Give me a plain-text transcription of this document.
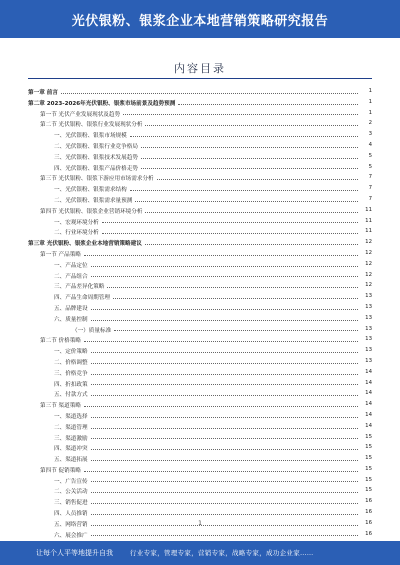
光伏银粉、银浆企业本地营销策略研究报告
内容目录
第一章 前言	1
第二章 2023-2026年光伏银粉、银浆市场前景及趋势预测	1
第一节 光伏产业发展现状及趋势	1
第二节 光伏银粉、银浆行业发展现状分析	2
一、光伏银粉、银浆市场规模	3
二、光伏银粉、银浆行业竞争格局	4
三、光伏银粉、银浆技术发展趋势	5
四、光伏银粉、银浆产品价格走势	5
第三节 光伏银粉、银浆下游应用市场需求分析	7
一、光伏银粉、银浆需求结构	7
二、光伏银粉、银浆需求量预测	7
第四节 光伏银粉、银浆企业营销环境分析	11
一、宏观环境分析	11
二、行业环境分析	11
第三章 光伏银粉、银浆企业本地营销策略建议	12
第一节 产品策略	12
一、产品定位	12
二、产品组合	12
三、产品差异化策略	12
四、产品生命周期管理	13
五、品牌建设	13
六、质量控制	13
（一）质量标准	13
第二节 价格策略	13
一、定价策略	13
二、价格调整	13
三、价格竞争	14
四、折扣政策	14
五、付款方式	14
第三节 渠道策略	14
一、渠道选择	14
二、渠道管理	14
三、渠道激励	15
四、渠道冲突	15
五、渠道拓展	15
第四节 促销策略	15
一、广告宣传	15
二、公关活动	15
三、销售促进	16
四、人员推销	16
五、网络营销	16
六、展会推广	16
1
让每个人平等地提升自我	行业专家，管理专家，营销专家，战略专家，成功企业家……
